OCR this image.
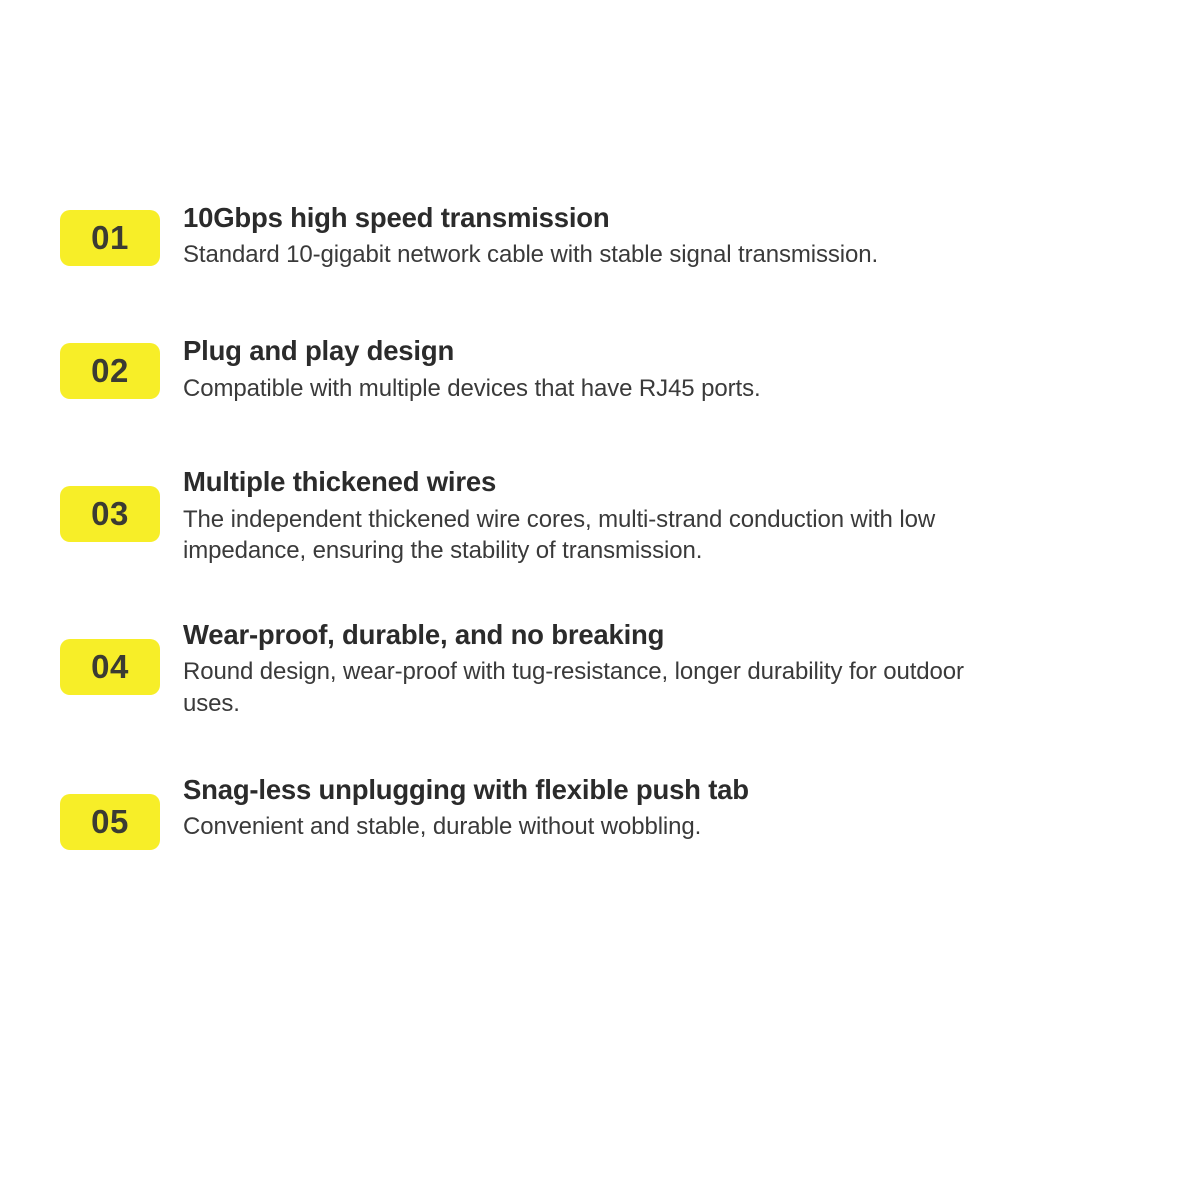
01

10Gbps high speed transmission

Standard 10-gigabit network cable with stable signal transmission.

02

Plug and play design

Compatible with multiple devices that have RJ45 ports.

03

Multiple thickened wires

The independent thickened wire cores, multi-strand conduction with low impedance, ensuring the stability of transmission.

04

Wear-proof, durable, and no breaking

Round design, wear-proof with tug-resistance, longer durability for outdoor uses.

05

Snag-less unplugging with flexible push tab

Convenient and stable, durable without wobbling.
